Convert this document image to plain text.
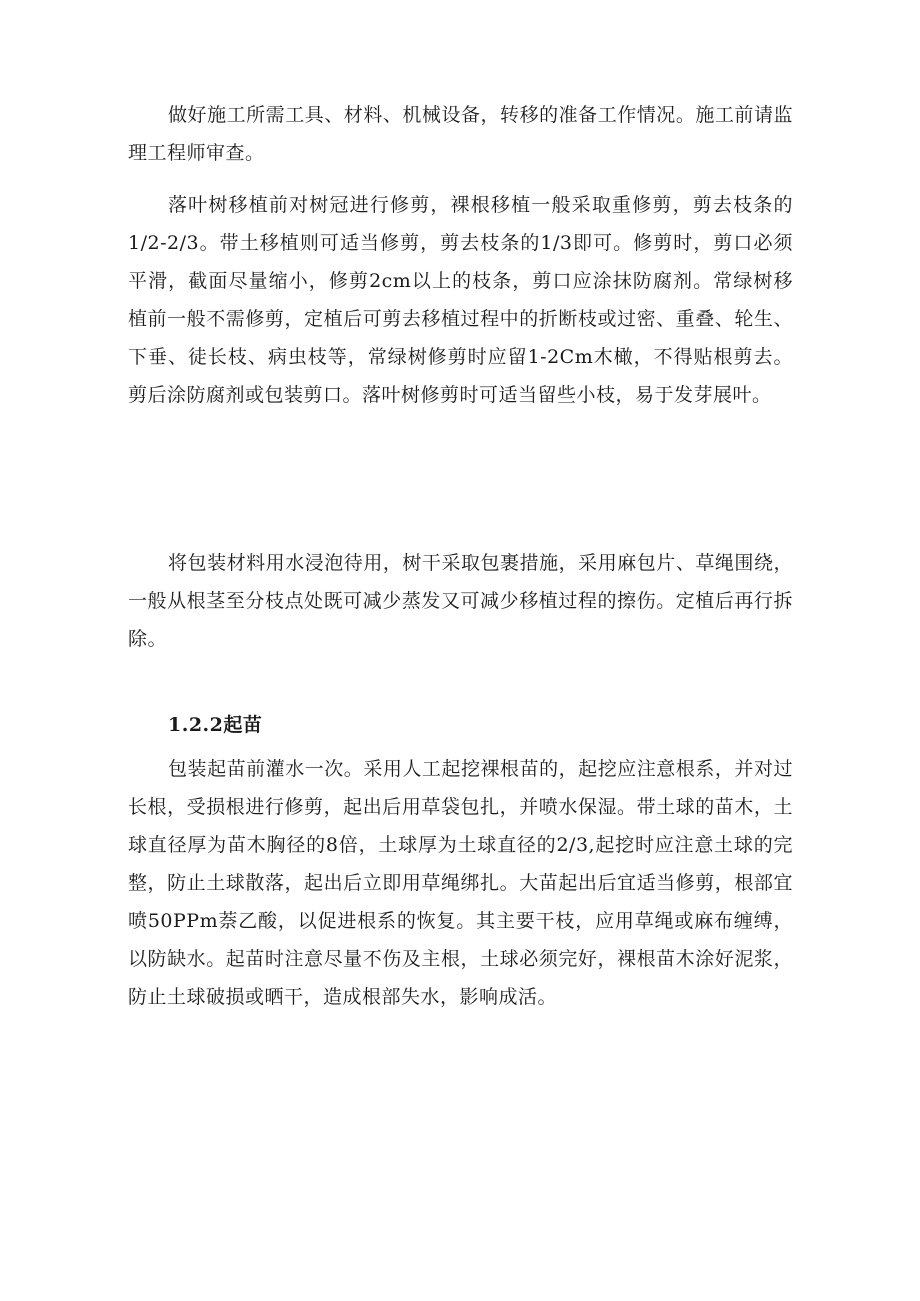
做好施工所需工具、材料、机械设备，转移的准备工作情况。施工前请监理工程师审查。

落叶树移植前对树冠进行修剪，裸根移植一般采取重修剪，剪去枝条的1/2-2/3。带土移植则可适当修剪，剪去枝条的1/3即可。修剪时，剪口必须平滑，截面尽量缩小，修剪2cm以上的枝条，剪口应涂抹防腐剂。常绿树移植前一般不需修剪，定植后可剪去移植过程中的折断枝或过密、重叠、轮生、下垂、徒长枝、病虫枝等，常绿树修剪时应留1-2Cm木橄，不得贴根剪去。剪后涂防腐剂或包装剪口。落叶树修剪时可适当留些小枝，易于发芽展叶。

将包装材料用水浸泡待用，树干采取包裹措施，采用麻包片、草绳围绕，一般从根茎至分枝点处既可减少蒸发又可减少移植过程的擦伤。定植后再行拆除。

1.2.2起苗

包装起苗前灌水一次。采用人工起挖裸根苗的，起挖应注意根系，并对过长根，受损根进行修剪，起出后用草袋包扎，并喷水保湿。带土球的苗木，土球直径厚为苗木胸径的8倍，土球厚为土球直径的2/3,起挖时应注意土球的完整，防止土球散落，起出后立即用草绳绑扎。大苗起出后宜适当修剪，根部宜喷50PPm萘乙酸，以促进根系的恢复。其主要干枝，应用草绳或麻布缠缚，以防缺水。起苗时注意尽量不伤及主根，土球必须完好，裸根苗木涂好泥浆，防止土球破损或晒干，造成根部失水，影响成活。
